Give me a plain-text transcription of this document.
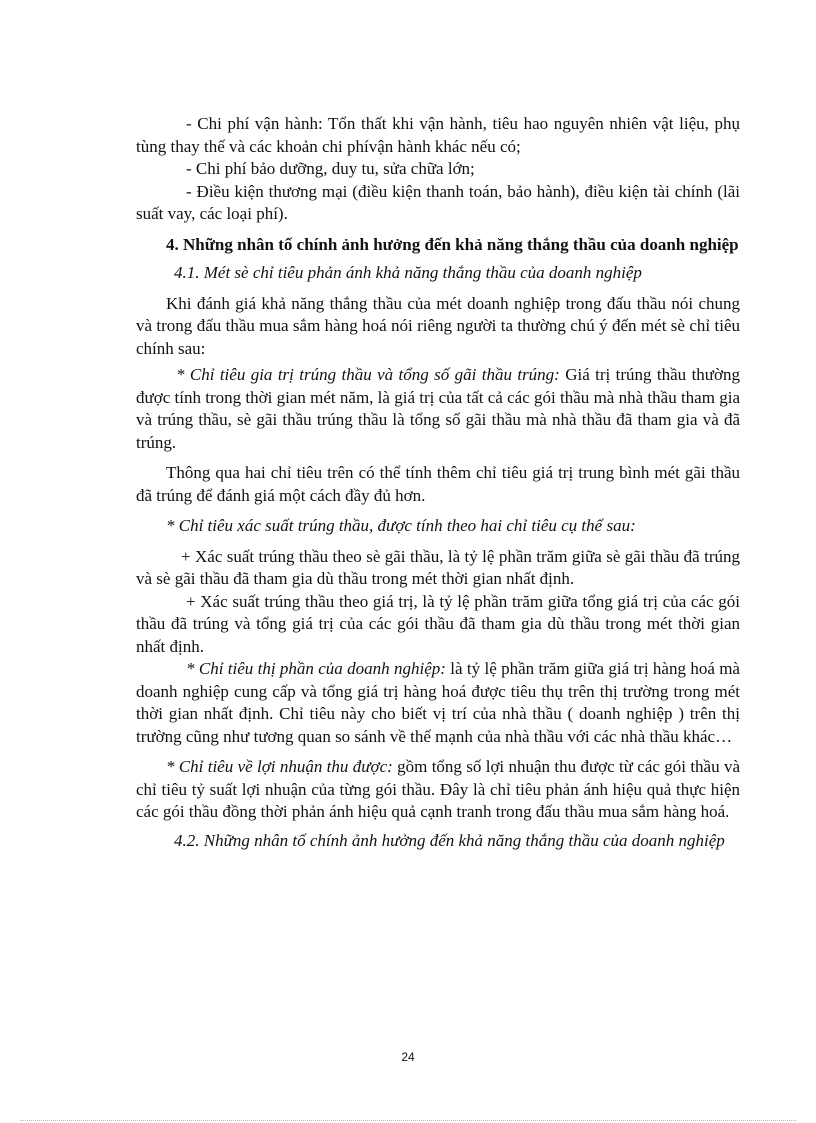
- Chi phí vận hành: Tổn thất khi vận hành, tiêu hao nguyên nhiên vật liệu, phụ tùng thay thế và các khoản chi phívận hành khác nếu có;

- Chi phí bảo dưỡng, duy tu, sửa chữa lớn;

- Điều kiện thương mại (điều kiện thanh toán, bảo hành), điều kiện tài chính (lãi suất vay, các loại phí).

4. Những nhân tố chính ảnh hưởng đến khả năng thắng thầu của doanh nghiệp

4.1. Mét sè chỉ tiêu phản ánh khả năng thắng thầu của doanh nghiệp

Khi đánh giá khả năng thắng thầu của mét doanh nghiệp trong đấu thầu nói chung và trong đấu thầu mua sắm hàng hoá nói riêng người ta thường chú ý đến mét sè chỉ tiêu chính sau:

* Chỉ tiêu gia trị trúng thầu và tổng số gãi thầu trúng: Giá trị trúng thầu thường được tính trong thời gian mét năm, là giá trị của tất cả các gói thầu mà nhà thầu tham gia và trúng thầu, sè gãi thầu trúng thầu là tổng số gãi thầu mà nhà thầu đã tham gia và đã trúng.

Thông qua hai chỉ tiêu trên có thể tính thêm chỉ tiêu giá trị trung bình mét gãi thầu đã trúng để đánh giá một cách đầy đủ hơn.

* Chỉ tiêu xác suất trúng thầu, được tính theo hai chỉ tiêu cụ thể sau:

+ Xác suất trúng thầu theo sè gãi thầu, là tỷ lệ phần trăm giữa sè gãi thầu đã trúng và sè gãi thầu đã tham gia dù thầu trong mét thời gian nhất định.

+ Xác suất trúng thầu theo giá trị, là tỷ lệ phần trăm giữa tổng giá trị của các gói thầu đã trúng và tổng giá trị của các gói thầu đã tham gia dù thầu trong mét thời gian nhất định.

* Chỉ tiêu thị phần của doanh nghiệp: là tỷ lệ phần trăm giữa giá trị hàng hoá mà doanh nghiệp cung cấp và tổng giá trị hàng hoá được tiêu thụ trên thị trường trong mét thời gian nhất định. Chỉ tiêu này cho biết vị trí của nhà thầu ( doanh nghiệp ) trên thị trường cũng như tương quan so sánh về thế mạnh của nhà thầu với các nhà thầu khác…

* Chỉ tiêu về lợi nhuận thu được: gồm tổng số lợi nhuận thu được từ các gói thầu và chỉ tiêu tỷ suất lợi nhuận của từng gói thầu. Đây là chỉ tiêu phản ánh hiệu quả thực hiện các gói thầu đồng thời phản ánh hiệu quả cạnh tranh trong đấu thầu mua sắm hàng hoá.

4.2. Những nhân tố chính ảnh hưởng đến khả năng thắng thầu của doanh nghiệp

24
